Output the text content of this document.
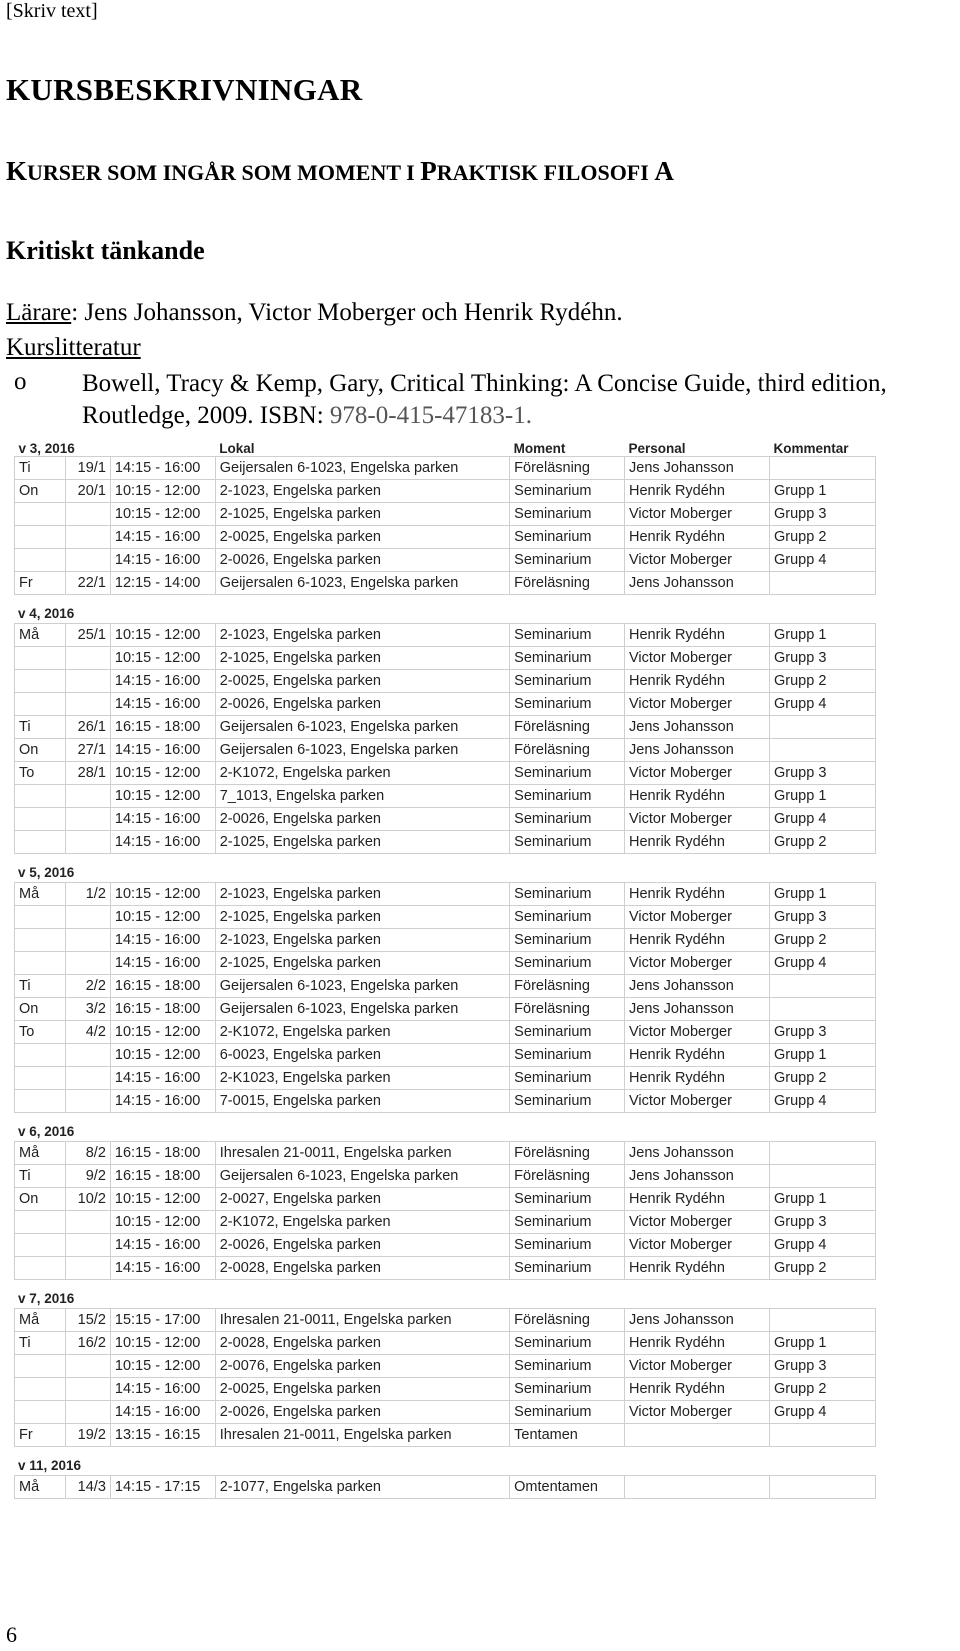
[Skriv text]
KURSBESKRIVNINGAR
KURSER SOM INGÅR SOM MOMENT I PRAKTISK FILOSOFI A
Kritiskt tänkande
Lärare: Jens Johansson, Victor Moberger och Henrik Rydéhn.
Kurslitteratur
o Bowell, Tracy & Kemp, Gary, Critical Thinking: A Concise Guide, third edition, Routledge, 2009. ISBN: 978-0-415-47183-1.
v 3, 2016			Lokal	Moment	Personal	Kommentar
Ti	19/1	14:15 - 16:00	Geijersalen 6-1023, Engelska parken	Föreläsning	Jens Johansson	
On	20/1	10:15 - 12:00	2-1023, Engelska parken	Seminarium	Henrik Rydéhn	Grupp 1
		10:15 - 12:00	2-1025, Engelska parken	Seminarium	Victor Moberger	Grupp 3
		14:15 - 16:00	2-0025, Engelska parken	Seminarium	Henrik Rydéhn	Grupp 2
		14:15 - 16:00	2-0026, Engelska parken	Seminarium	Victor Moberger	Grupp 4
Fr	22/1	12:15 - 14:00	Geijersalen 6-1023, Engelska parken	Föreläsning	Jens Johansson	
v 4, 2016
Må	25/1	10:15 - 12:00	2-1023, Engelska parken	Seminarium	Henrik Rydéhn	Grupp 1
		10:15 - 12:00	2-1025, Engelska parken	Seminarium	Victor Moberger	Grupp 3
		14:15 - 16:00	2-0025, Engelska parken	Seminarium	Henrik Rydéhn	Grupp 2
		14:15 - 16:00	2-0026, Engelska parken	Seminarium	Victor Moberger	Grupp 4
Ti	26/1	16:15 - 18:00	Geijersalen 6-1023, Engelska parken	Föreläsning	Jens Johansson	
On	27/1	14:15 - 16:00	Geijersalen 6-1023, Engelska parken	Föreläsning	Jens Johansson	
To	28/1	10:15 - 12:00	2-K1072, Engelska parken	Seminarium	Victor Moberger	Grupp 3
		10:15 - 12:00	7_1013, Engelska parken	Seminarium	Henrik Rydéhn	Grupp 1
		14:15 - 16:00	2-0026, Engelska parken	Seminarium	Victor Moberger	Grupp 4
		14:15 - 16:00	2-1025, Engelska parken	Seminarium	Henrik Rydéhn	Grupp 2
v 5, 2016
Må	1/2	10:15 - 12:00	2-1023, Engelska parken	Seminarium	Henrik Rydéhn	Grupp 1
		10:15 - 12:00	2-1025, Engelska parken	Seminarium	Victor Moberger	Grupp 3
		14:15 - 16:00	2-1023, Engelska parken	Seminarium	Henrik Rydéhn	Grupp 2
		14:15 - 16:00	2-1025, Engelska parken	Seminarium	Victor Moberger	Grupp 4
Ti	2/2	16:15 - 18:00	Geijersalen 6-1023, Engelska parken	Föreläsning	Jens Johansson	
On	3/2	16:15 - 18:00	Geijersalen 6-1023, Engelska parken	Föreläsning	Jens Johansson	
To	4/2	10:15 - 12:00	2-K1072, Engelska parken	Seminarium	Victor Moberger	Grupp 3
		10:15 - 12:00	6-0023, Engelska parken	Seminarium	Henrik Rydéhn	Grupp 1
		14:15 - 16:00	2-K1023, Engelska parken	Seminarium	Henrik Rydéhn	Grupp 2
		14:15 - 16:00	7-0015, Engelska parken	Seminarium	Victor Moberger	Grupp 4
v 6, 2016
Må	8/2	16:15 - 18:00	Ihresalen 21-0011, Engelska parken	Föreläsning	Jens Johansson	
Ti	9/2	16:15 - 18:00	Geijersalen 6-1023, Engelska parken	Föreläsning	Jens Johansson	
On	10/2	10:15 - 12:00	2-0027, Engelska parken	Seminarium	Henrik Rydéhn	Grupp 1
		10:15 - 12:00	2-K1072, Engelska parken	Seminarium	Victor Moberger	Grupp 3
		14:15 - 16:00	2-0026, Engelska parken	Seminarium	Victor Moberger	Grupp 4
		14:15 - 16:00	2-0028, Engelska parken	Seminarium	Henrik Rydéhn	Grupp 2
v 7, 2016
Må	15/2	15:15 - 17:00	Ihresalen 21-0011, Engelska parken	Föreläsning	Jens Johansson	
Ti	16/2	10:15 - 12:00	2-0028, Engelska parken	Seminarium	Henrik Rydéhn	Grupp 1
		10:15 - 12:00	2-0076, Engelska parken	Seminarium	Victor Moberger	Grupp 3
		14:15 - 16:00	2-0025, Engelska parken	Seminarium	Henrik Rydéhn	Grupp 2
		14:15 - 16:00	2-0026, Engelska parken	Seminarium	Victor Moberger	Grupp 4
Fr	19/2	13:15 - 16:15	Ihresalen 21-0011, Engelska parken	Tentamen		
v 11, 2016
Må	14/3	14:15 - 17:15	2-1077, Engelska parken	Omtentamen		
6
